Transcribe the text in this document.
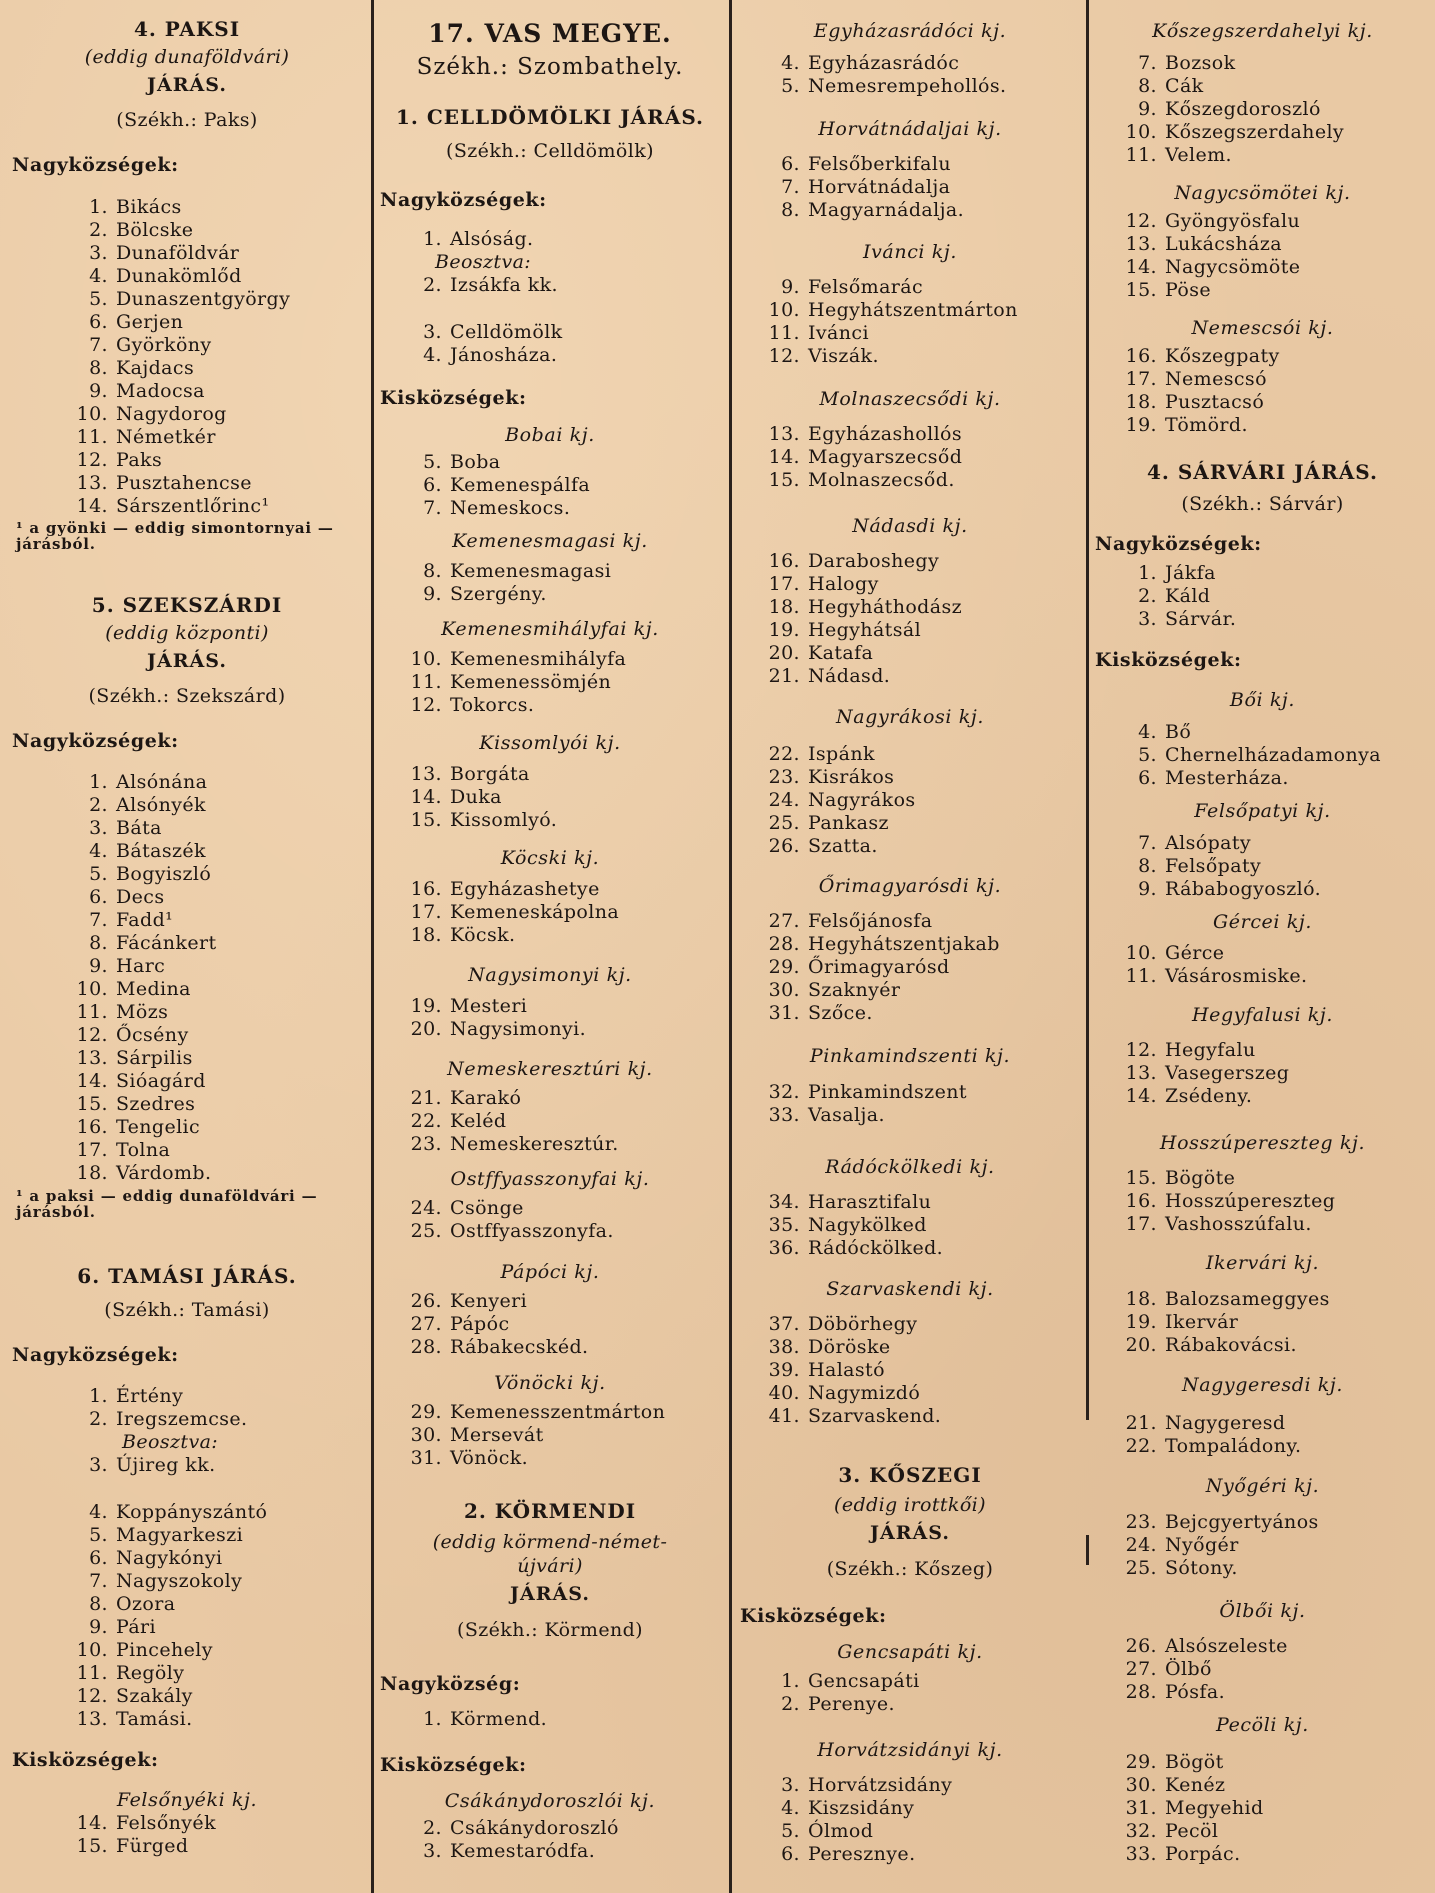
4. PAKSI
(eddig dunaföldvári)
JÁRÁS.
(Székh.: Paks)
Nagyközségek:
1. Bikács
2. Bölcske
3. Dunaföldvár
4. Dunakömlőd
5. Dunaszentgyörgy
6. Gerjen
7. Györköny
8. Kajdacs
9. Madocsa
10. Nagydorog
11. Németkér
12. Paks
13. Pusztahencse
14. Sárszentlőrinc¹
¹ a gyönki — eddig simontornyai — járásból.
5. SZEKSZÁRDI
(eddig központi)
JÁRÁS.
(Székh.: Szekszárd)
Nagyközségek:
1. Alsónána
2. Alsónyék
3. Báta
4. Bátaszék
5. Bogyiszló
6. Decs
7. Fadd¹
8. Fácánkert
9. Harc
10. Medina
11. Mözs
12. Őcsény
13. Sárpilis
14. Sióagárd
15. Szedres
16. Tengelic
17. Tolna
18. Várdomb.
¹ a paksi — eddig dunaföldvári — járásból.
6. TAMÁSI JÁRÁS.
(Székh.: Tamási)
Nagyközségek:
1. Értény
2. Iregszemcse.
Beosztva:
3. Újireg kk.
4. Koppányszántó
5. Magyarkeszi
6. Nagykónyi
7. Nagyszokoly
8. Ozora
9. Pári
10. Pincehely
11. Regöly
12. Szakály
13. Tamási.
Kisközségek:
Felsőnyéki kj.
14. Felsőnyék
15. Fürged
17. VAS MEGYE.
Székh.: Szombathely.
1. CELLDÖMÖLKI JÁRÁS.
(Székh.: Celldömölk)
Nagyközségek:
1. Alsóság.
Beosztva:
2. Izsákfa kk.
3. Celldömölk
4. Jánosháza.
Kisközségek:
Bobai kj.
5. Boba
6. Kemenespálfa
7. Nemeskocs.
Kemenesmagasi kj.
8. Kemenesmagasi
9. Szergény.
Kemenesmihályfai kj.
10. Kemenesmihályfa
11. Kemenessömjén
12. Tokorcs.
Kissomlyói kj.
13. Borgáta
14. Duka
15. Kissomlyó.
Köcski kj.
16. Egyházashetye
17. Kemeneskápolna
18. Köcsk.
Nagysimonyi kj.
19. Mesteri
20. Nagysimonyi.
Nemeskeresztúri kj.
21. Karakó
22. Keléd
23. Nemeskeresztúr.
Ostffyasszonyfai kj.
24. Csönge
25. Ostffyasszonyfa.
Pápóci kj.
26. Kenyeri
27. Pápóc
28. Rábakecskéd.
Vönöcki kj.
29. Kemenesszentmárton
30. Mersevát
31. Vönöck.
2. KÖRMENDI
(eddig körmend-német-
újvári)
JÁRÁS.
(Székh.: Körmend)
Nagyközség:
1. Körmend.
Kisközségek:
Csákánydoroszlói kj.
2. Csákánydoroszló
3. Kemestaródfa.
Egyházasrádóci kj.
4. Egyházasrádóc
5. Nemesrempehollós.
Horvátnádaljai kj.
6. Felsőberkifalu
7. Horvátnádalja
8. Magyarnádalja.
Iváncі kj.
9. Felsőmarác
10. Hegyhátszentmárton
11. Iváncі
12. Viszák.
Molnaszecsődi kj.
13. Egyházashollós
14. Magyarszecsőd
15. Molnaszecsőd.
Nádasdi kj.
16. Daraboshegy
17. Halogy
18. Hegyháthodász
19. Hegyhátsál
20. Katafa
21. Nádasd.
Nagyrákosi kj.
22. Ispánk
23. Kisrákos
24. Nagyrákos
25. Pankasz
26. Szatta.
Őrimagyarósdi kj.
27. Felsőjánosfa
28. Hegyhátszentjakab
29. Őrimagyarósd
30. Szaknyér
31. Szőce.
Pinkamindszenti kj.
32. Pinkamindszent
33. Vasalja.
Rádóckölkedi kj.
34. Harasztifalu
35. Nagykölked
36. Rádóckölked.
Szarvaskendi kj.
37. Döbörhegy
38. Döröske
39. Halastó
40. Nagymizdó
41. Szarvaskend.
3. KŐSZEGI
(eddig irottkői)
JÁRÁS.
(Székh.: Kőszeg)
Kisközségek:
Gencsapáti kj.
1. Gencsapáti
2. Perenye.
Horvátzsidányi kj.
3. Horvátzsidány
4. Kiszsidány
5. Ólmod
6. Peresznye.
Kőszegszerdahelyi kj.
7. Bozsok
8. Cák
9. Kőszegdoroszló
10. Kőszegszerdahely
11. Velem.
Nagycsömötei kj.
12. Gyöngyösfalu
13. Lukácsháza
14. Nagycsömöte
15. Pöse
Nemescsói kj.
16. Kőszegpaty
17. Nemescsó
18. Pusztacsó
19. Tömörd.
4. SÁRVÁRI JÁRÁS.
(Székh.: Sárvár)
Nagyközségek:
1. Jákfa
2. Káld
3. Sárvár.
Kisközségek:
Bői kj.
4. Bő
5. Chernelházadamonya
6. Mesterháza.
Felsőpatyi kj.
7. Alsópaty
8. Felsőpaty
9. Rábabogyoszló.
Gércei kj.
10. Gérce
11. Vásárosmiske.
Hegyfalusi kj.
12. Hegyfalu
13. Vasegerszeg
14. Zsédeny.
Hosszúpereszteg kj.
15. Bögöte
16. Hosszúpereszteg
17. Vashosszúfalu.
Ikervári kj.
18. Balozsameggyes
19. Ikervár
20. Rábakovácsi.
Nagygeresdi kj.
21. Nagygeresd
22. Tompaládony.
Nyőgéri kj.
23. Bejcgyertyános
24. Nyőgér
25. Sótony.
Ölbői kj.
26. Alsószeleste
27. Ölbő
28. Pósfa.
Pecöli kj.
29. Bögöt
30. Kenéz
31. Megyehid
32. Pecöl
33. Porpác.
